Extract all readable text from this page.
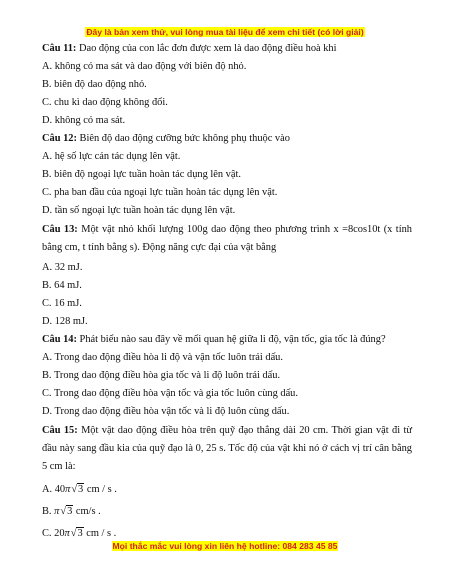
Đây là bản xem thử, vui lòng mua tài liệu để xem chi tiết (có lời giải)
Câu 11: Dao động của con lắc đơn được xem là dao động điều hoà khi
A. không có ma sát và dao động với biên độ nhỏ.
B. biên độ dao động nhỏ.
C. chu kì dao động không đổi.
D. không có ma sát.
Câu 12: Biên độ dao động cưỡng bức không phụ thuộc vào
A. hệ số lực cản tác dụng lên vật.
B. biên độ ngoại lực tuần hoàn tác dụng lên vật.
C. pha ban đầu của ngoại lực tuần hoàn tác dụng lên vật.
D. tần số ngoại lực tuần hoàn tác dụng lên vật.
Câu 13: Một vật nhỏ khối lượng 100g dao động theo phương trình x =8cos10t (x tính bằng cm, t tính bằng s). Động năng cực đại của vật bằng
A. 32 mJ.
B. 64 mJ.
C. 16 mJ.
D. 128 mJ.
Câu 14: Phát biểu nào sau đây về mối quan hệ giữa li độ, vận tốc, gia tốc là đúng?
A. Trong dao động điều hòa li độ và vận tốc luôn trái dấu.
B. Trong dao động điều hòa gia tốc và li độ luôn trái dấu.
C. Trong dao động điều hòa vận tốc và gia tốc luôn cùng dấu.
D. Trong dao động điều hòa vận tốc và li độ luôn cùng dấu.
Câu 15: Một vật dao động điều hòa trên quỹ đạo thẳng dài 20 cm. Thời gian vật đi từ đầu này sang đầu kia của quỹ đạo là 0, 25 s. Tốc độ của vật khi nó ở cách vị trí cân bằng 5 cm là:
A. 40π√3 cm / s .
B. π√3 cm/s .
C. 20π√3 cm / s .
Mọi thắc mắc vui lòng xin liên hệ hotline: 084 283 45 85
